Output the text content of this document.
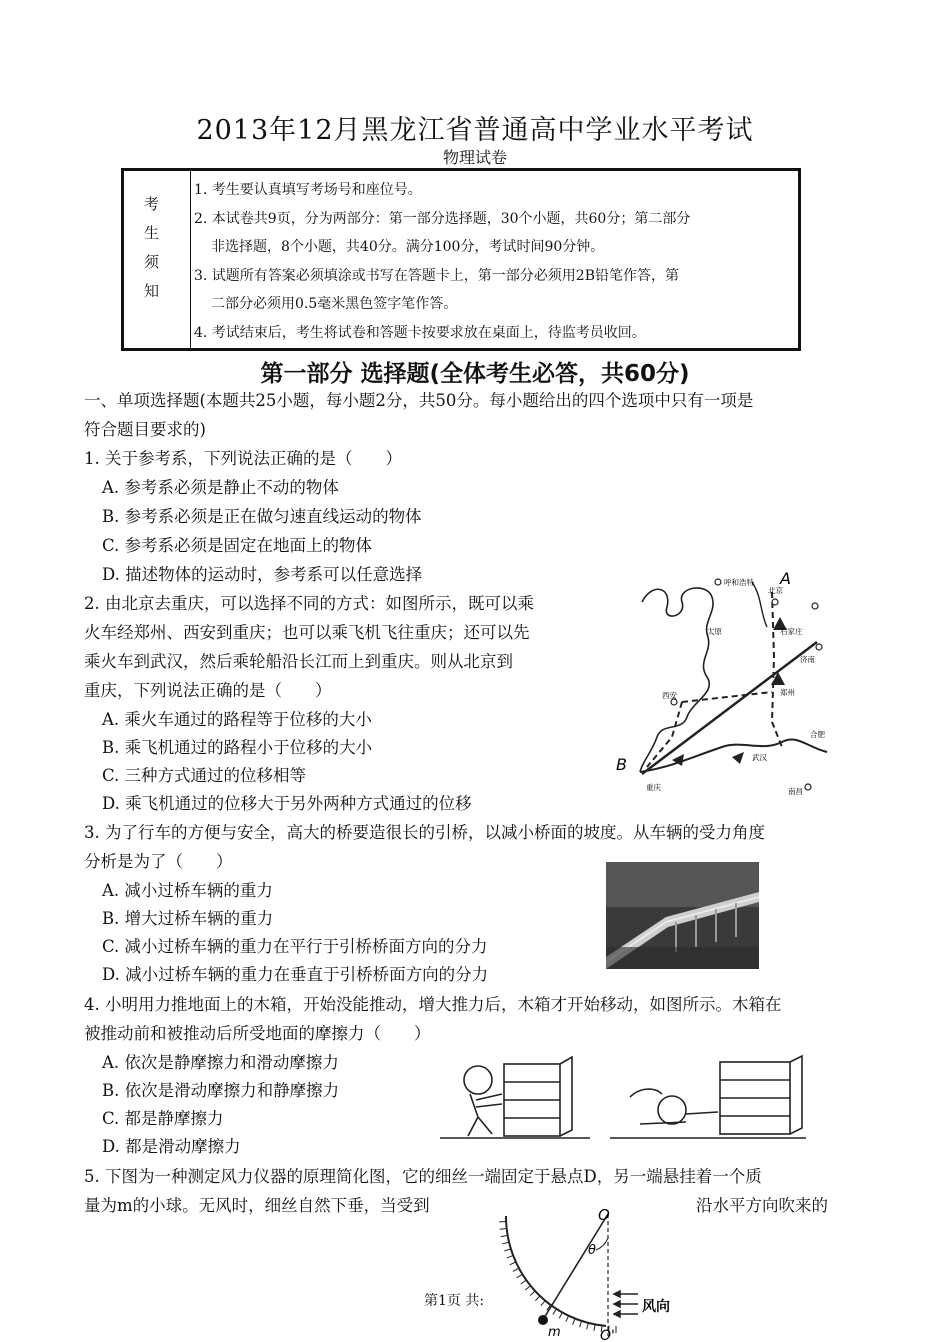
2013年12月黑龙江省普通高中学业水平考试
物理试卷
考
生
须
知
1. 考生要认真填写考场号和座位号。
2. 本试卷共9页，分为两部分：第一部分选择题，30个小题，共60分；第二部分
非选择题，8个小题，共40分。满分100分，考试时间90分钟。
3. 试题所有答案必须填涂或书写在答题卡上，第一部分必须用2B铅笔作答，第
二部分必须用0.5毫米黑色签字笔作答。
4. 考试结束后，考生将试卷和答题卡按要求放在桌面上，待监考员收回。
第一部分 选择题(全体考生必答，共60分)
一、单项选择题(本题共25小题，每小题2分，共50分。每小题给出的四个选项中只有一项是
符合题目要求的)
1. 关于参考系，下列说法正确的是（　　）
A. 参考系必须是静止不动的物体
B. 参考系必须是正在做匀速直线运动的物体
C. 参考系必须是固定在地面上的物体
D. 描述物体的运动时，参考系可以任意选择
2. 由北京去重庆，可以选择不同的方式：如图所示，既可以乘
火车经郑州、西安到重庆；也可以乘飞机飞往重庆；还可以先
乘火车到武汉，然后乘轮船沿长江而上到重庆。则从北京到
重庆，下列说法正确的是（　　）
A. 乘火车通过的路程等于位移的大小
B. 乘飞机通过的路程小于位移的大小
C. 三种方式通过的位移相等
D. 乘飞机通过的位移大于另外两种方式通过的位移
A
B
呼和浩特
北京
石家庄
太原
济南
郑州
西安
合肥
武汉
重庆	南昌
3. 为了行车的方便与安全，高大的桥要造很长的引桥，以减小桥面的坡度。从车辆的受力角度
分析是为了（　　）
A. 减小过桥车辆的重力
B. 增大过桥车辆的重力
C. 减小过桥车辆的重力在平行于引桥桥面方向的分力
D. 减小过桥车辆的重力在垂直于引桥桥面方向的分力
4. 小明用力推地面上的木箱，开始没能推动，增大推力后，木箱才开始移动，如图所示。木箱在
被推动前和被推动后所受地面的摩擦力（　　）
A. 依次是静摩擦力和滑动摩擦力
B. 依次是滑动摩擦力和静摩擦力
C. 都是静摩擦力
D. 都是滑动摩擦力
5. 下图为一种测定风力仪器的原理简化图，它的细丝一端固定于悬点D，另一端悬挂着一个质
量为m的小球。无风时，细丝自然下垂，当受到	沿水平方向吹来的
O
θ
风向
m	O'
第1页 共:
